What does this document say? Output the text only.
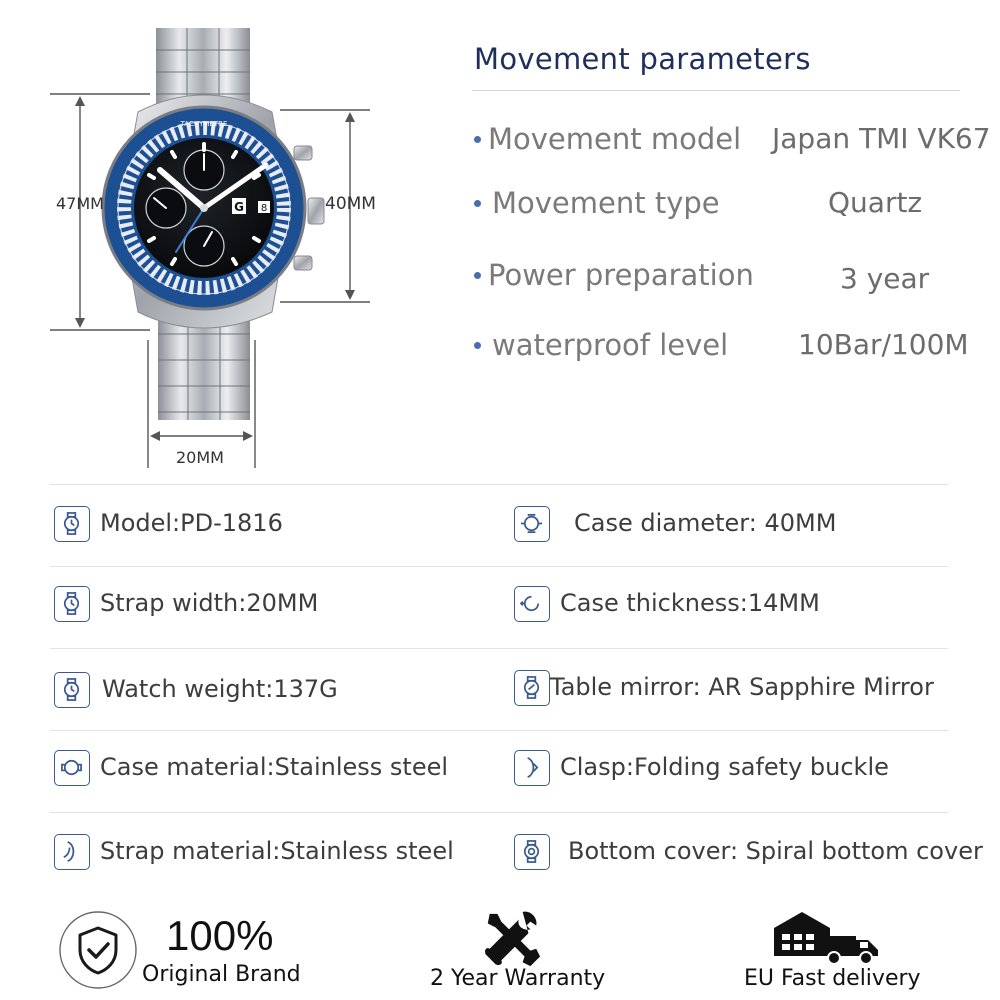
TACHYMETRE
G 8
47MM	40MM
20MM
Movement parameters
Movement model Japan TMI VK67
Movement type	Quartz
Power preparation	3 year
waterproof level 10Bar/100M
Model:PD-1816	Case diameter: 40MM
Strap width:20MM	Case thickness:14MM
Watch weight:137G	Table mirror: AR Sapphire Mirror
Case material:Stainless steel	Clasp:Folding safety buckle
Strap material:Stainless steel	Bottom cover: Spiral bottom cover
100%
Original Brand	2 Year Warranty	EU Fast delivery
